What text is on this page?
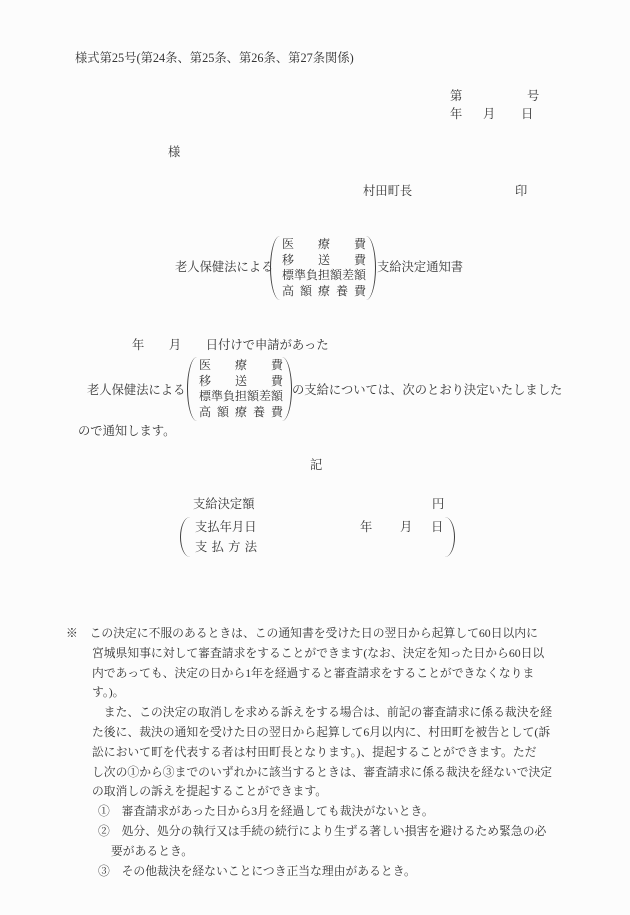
様式第25号(第24条、第25条、第26条、第27条関係)
第	号
年 月 日
様
村田町長	印
老人保健法による
医療費
移送費
標準負担額差額
高額療養費
支給決定通知書
年　　月　　日付けで申請があった
老人保健法による
医療費
移送費
標準負担額差額
高額療養費
の支給については、次のとおり決定いたしました
ので通知します。
記
支給決定額	円
支払年月日	年 月 日
支払方法
※　この決定に不服のあるときは、この通知書を受けた日の翌日から起算して60日以内に
宮城県知事に対して審査請求をすることができます(なお、決定を知った日から60日以
内であっても、決定の日から1年を経過すると審査請求をすることができなくなりま
す。)。
　また、この決定の取消しを求める訴えをする場合は、前記の審査請求に係る裁決を経
た後に、裁決の通知を受けた日の翌日から起算して6月以内に、村田町を被告として(訴
訟において町を代表する者は村田町長となります。)、提起することができます。ただ
し次の①から③までのいずれかに該当するときは、審査請求に係る裁決を経ないで決定
の取消しの訴えを提起することができます。
①　審査請求があった日から3月を経過しても裁決がないとき。
②　処分、処分の執行又は手続の続行により生ずる著しい損害を避けるため緊急の必
要があるとき。
③　その他裁決を経ないことにつき正当な理由があるとき。
